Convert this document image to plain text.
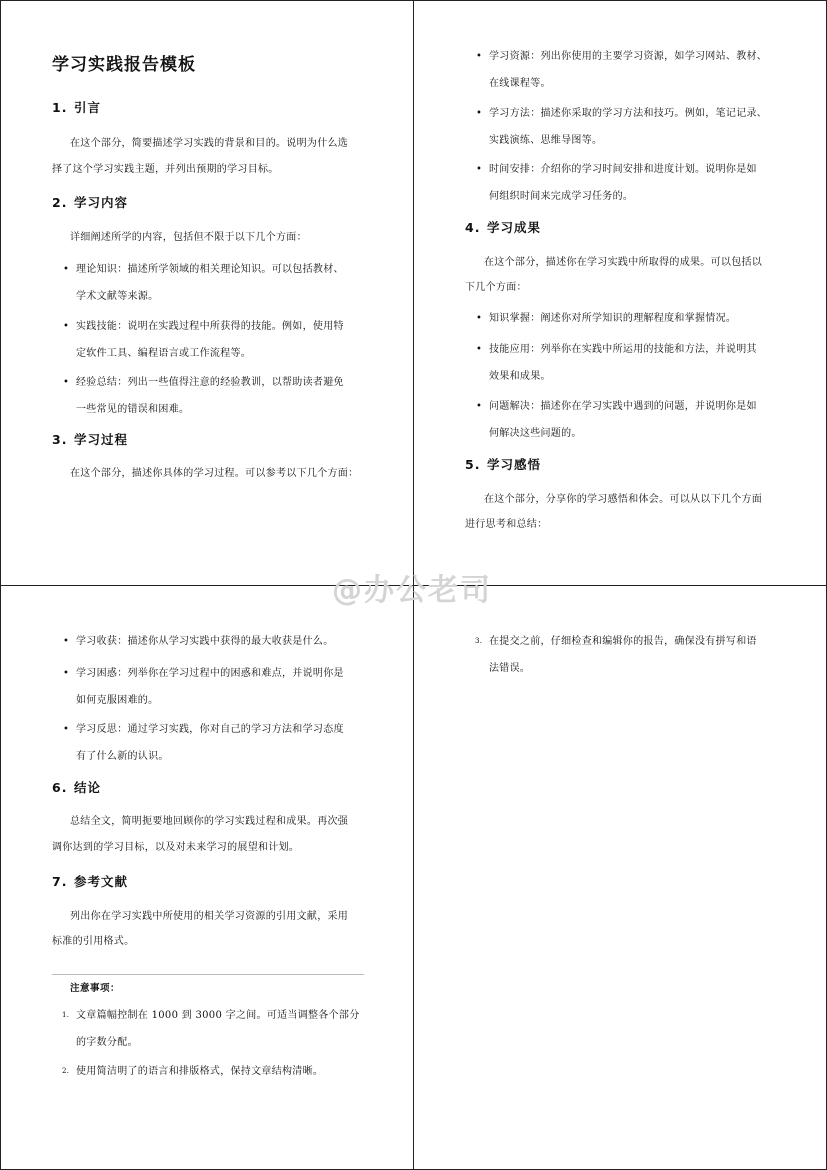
学习实践报告模板
1. 引言
在这个部分，简要描述学习实践的背景和目的。说明为什么选
择了这个学习实践主题，并列出预期的学习目标。
2. 学习内容
详细阐述所学的内容，包括但不限于以下几个方面：
• 理论知识：描述所学领域的相关理论知识。可以包括教材、
学术文献等来源。
• 实践技能：说明在实践过程中所获得的技能。例如，使用特
定软件工具、编程语言或工作流程等。
• 经验总结：列出一些值得注意的经验教训，以帮助读者避免
一些常见的错误和困难。
3. 学习过程
在这个部分，描述你具体的学习过程。可以参考以下几个方面：
• 学习资源：列出你使用的主要学习资源，如学习网站、教材、
在线课程等。
• 学习方法：描述你采取的学习方法和技巧。例如，笔记记录、
实践演练、思维导图等。
• 时间安排：介绍你的学习时间安排和进度计划。说明你是如
何组织时间来完成学习任务的。
4. 学习成果
在这个部分，描述你在学习实践中所取得的成果。可以包括以
下几个方面：
• 知识掌握：阐述你对所学知识的理解程度和掌握情况。
• 技能应用：列举你在实践中所运用的技能和方法，并说明其
效果和成果。
• 问题解决：描述你在学习实践中遇到的问题，并说明你是如
何解决这些问题的。
5. 学习感悟
在这个部分，分享你的学习感悟和体会。可以从以下几个方面
进行思考和总结：
• 学习收获：描述你从学习实践中获得的最大收获是什么。
• 学习困惑：列举你在学习过程中的困惑和难点，并说明你是
如何克服困难的。
• 学习反思：通过学习实践，你对自己的学习方法和学习态度
有了什么新的认识。
6. 结论
总结全文，简明扼要地回顾你的学习实践过程和成果。再次强
调你达到的学习目标，以及对未来学习的展望和计划。
7. 参考文献
列出你在学习实践中所使用的相关学习资源的引用文献，采用
标准的引用格式。
注意事项：
1. 文章篇幅控制在 1000 到 3000 字之间。可适当调整各个部分
的字数分配。
2. 使用简洁明了的语言和排版格式，保持文章结构清晰。
3. 在提交之前，仔细检查和编辑你的报告，确保没有拼写和语
法错误。
@办公老司
